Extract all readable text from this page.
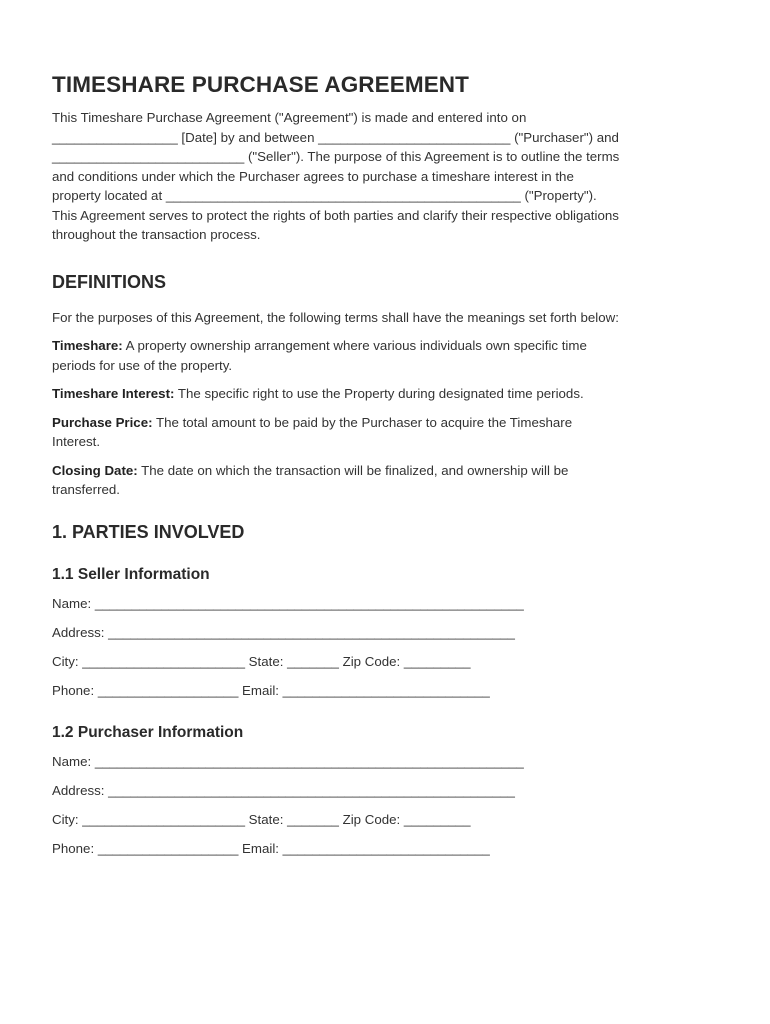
TIMESHARE PURCHASE AGREEMENT
This Timeshare Purchase Agreement ("Agreement") is made and entered into on
_________________ [Date] by and between __________________________ ("Purchaser") and
__________________________ ("Seller"). The purpose of this Agreement is to outline the terms
and conditions under which the Purchaser agrees to purchase a timeshare interest in the
property located at ________________________________________________ ("Property").
This Agreement serves to protect the rights of both parties and clarify their respective obligations
throughout the transaction process.
DEFINITIONS
For the purposes of this Agreement, the following terms shall have the meanings set forth below:
Timeshare: A property ownership arrangement where various individuals own specific time
periods for use of the property.
Timeshare Interest: The specific right to use the Property during designated time periods.
Purchase Price: The total amount to be paid by the Purchaser to acquire the Timeshare
Interest.
Closing Date: The date on which the transaction will be finalized, and ownership will be
transferred.
1. PARTIES INVOLVED
1.1 Seller Information
Name: __________________________________________________________
Address: _______________________________________________________
City: ______________________ State: _______ Zip Code: _________
Phone: ___________________ Email: ____________________________
1.2 Purchaser Information
Name: __________________________________________________________
Address: _______________________________________________________
City: ______________________ State: _______ Zip Code: _________
Phone: ___________________ Email: ____________________________
